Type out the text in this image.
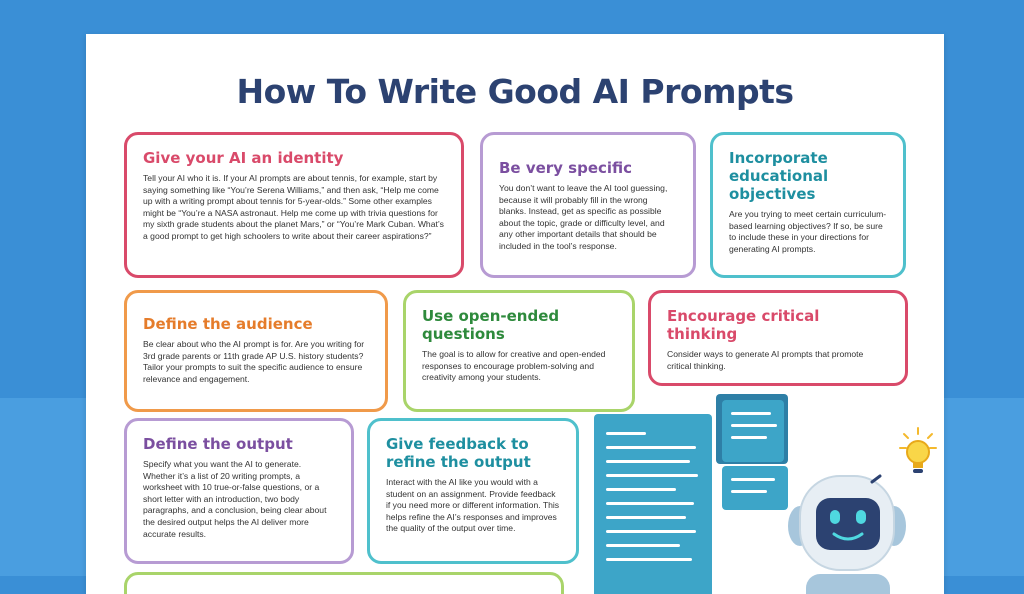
How To Write Good AI Prompts
Give your AI an identity

Tell your AI who it is. If your AI prompts are about tennis, for example, start by saying something like “You’re Serena Williams,” and then ask, “Help me come up with a writing prompt about tennis for 5-year-olds.” Some other examples might be “You’re a NASA astronaut. Help me come up with trivia questions for my sixth grade students about the planet Mars,” or “You’re Mark Cuban. What’s a good prompt to get high schoolers to write about their career aspirations?”

Be very specific

You don’t want to leave the AI tool guessing, because it will probably fill in the wrong blanks. Instead, get as specific as possible about the topic, grade or difficulty level, and any other important details that should be included in the tool’s response.

Incorporate educational objectives

Are you trying to meet certain curriculum-based learning objectives? If so, be sure to include these in your directions for generating AI prompts.

Define the audience

Be clear about who the AI prompt is for. Are you writing for 3rd grade parents or 11th grade AP U.S. history students? Tailor your prompts to suit the specific audience to ensure relevance and engagement.

Use open-ended questions

The goal is to allow for creative and open-ended responses to encourage problem-solving and creativity among your students.

Encourage critical thinking

Consider ways to generate AI prompts that promote critical thinking.

Define the output

Specify what you want the AI to generate. Whether it’s a list of 20 writing prompts, a worksheet with 10 true-or-false questions, or a short letter with an introduction, two body paragraphs, and a conclusion, being clear about the desired output helps the AI deliver more accurate results.

Give feedback to refine the output

Interact with the AI like you would with a student on an assignment. Provide feedback if you need more or different information. This helps refine the AI’s responses and improves the quality of the output over time.
